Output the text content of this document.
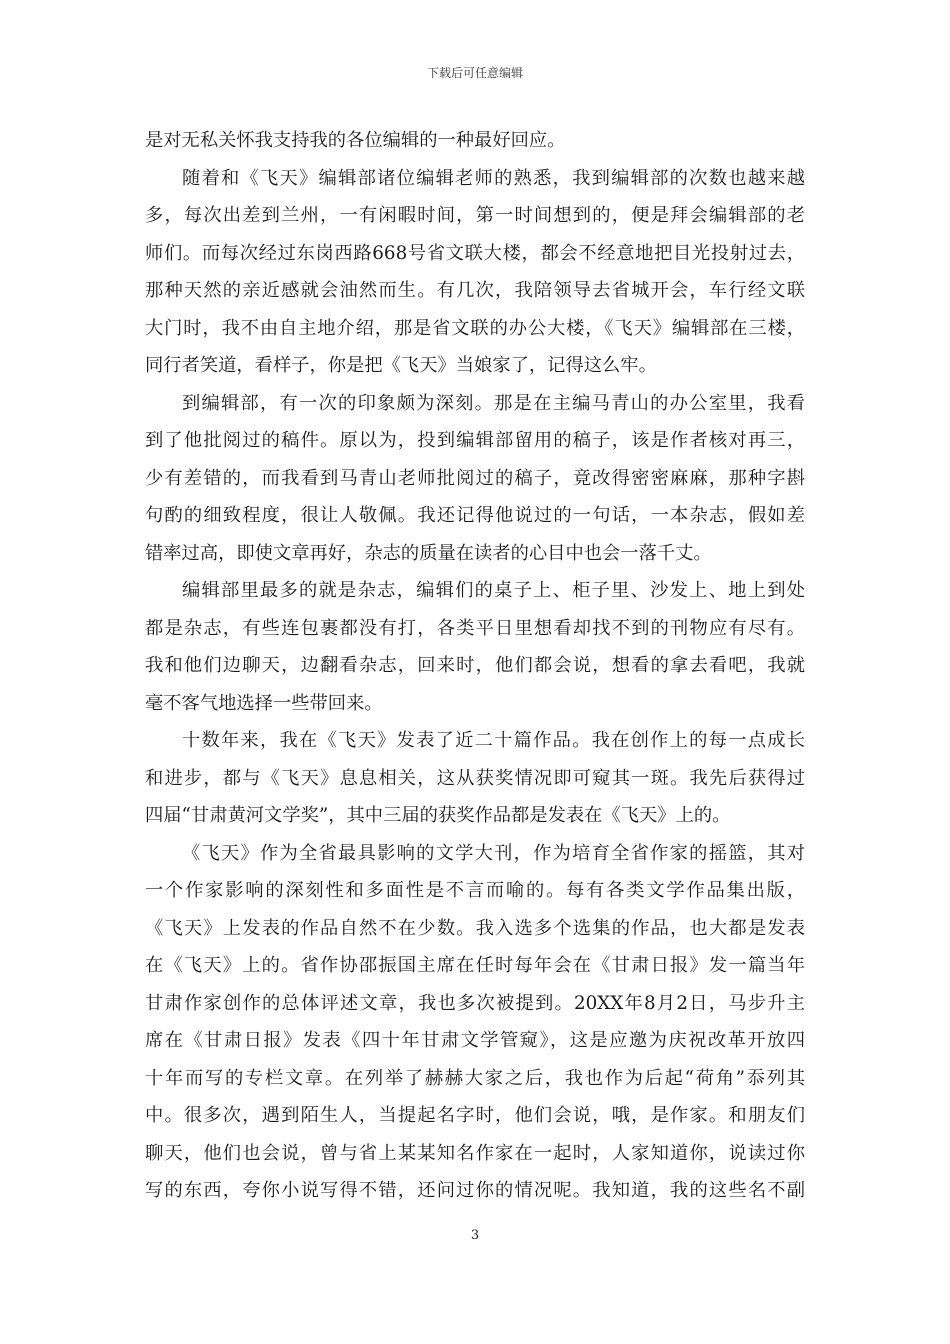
下载后可任意编辑
是对无私关怀我支持我的各位编辑的一种最好回应。
随着和《飞天》编辑部诸位编辑老师的熟悉，我到编辑部的次数也越来越
多，每次出差到兰州，一有闲暇时间，第一时间想到的，便是拜会编辑部的老
师们。而每次经过东岗西路668号省文联大楼，都会不经意地把目光投射过去，
那种天然的亲近感就会油然而生。有几次，我陪领导去省城开会，车行经文联
大门时，我不由自主地介绍，那是省文联的办公大楼，《飞天》编辑部在三楼，
同行者笑道，看样子，你是把《飞天》当娘家了，记得这么牢。
到编辑部，有一次的印象颇为深刻。那是在主编马青山的办公室里，我看
到了他批阅过的稿件。原以为，投到编辑部留用的稿子，该是作者核对再三，
少有差错的，而我看到马青山老师批阅过的稿子，竟改得密密麻麻，那种字斟
句酌的细致程度，很让人敬佩。我还记得他说过的一句话，一本杂志，假如差
错率过高，即使文章再好，杂志的质量在读者的心目中也会一落千丈。
编辑部里最多的就是杂志，编辑们的桌子上、柜子里、沙发上、地上到处
都是杂志，有些连包裹都没有打，各类平日里想看却找不到的刊物应有尽有。
我和他们边聊天，边翻看杂志，回来时，他们都会说，想看的拿去看吧，我就
毫不客气地选择一些带回来。
十数年来，我在《飞天》发表了近二十篇作品。我在创作上的每一点成长
和进步，都与《飞天》息息相关，这从获奖情况即可窥其一斑。我先后获得过
四届“甘肃黄河文学奖”，其中三届的获奖作品都是发表在《飞天》上的。
《飞天》作为全省最具影响的文学大刊，作为培育全省作家的摇篮，其对
一个作家影响的深刻性和多面性是不言而喻的。每有各类文学作品集出版，
《飞天》上发表的作品自然不在少数。我入选多个选集的作品，也大都是发表
在《飞天》上的。省作协邵振国主席在任时每年会在《甘肃日报》发一篇当年
甘肃作家创作的总体评述文章，我也多次被提到。20XX年8月2日，马步升主
席在《甘肃日报》发表《四十年甘肃文学管窥》，这是应邀为庆祝改革开放四
十年而写的专栏文章。在列举了赫赫大家之后，我也作为后起“荷角”忝列其
中。很多次，遇到陌生人，当提起名字时，他们会说，哦，是作家。和朋友们
聊天，他们也会说，曾与省上某某知名作家在一起时，人家知道你，说读过你
写的东西，夸你小说写得不错，还问过你的情况呢。我知道，我的这些名不副
3
